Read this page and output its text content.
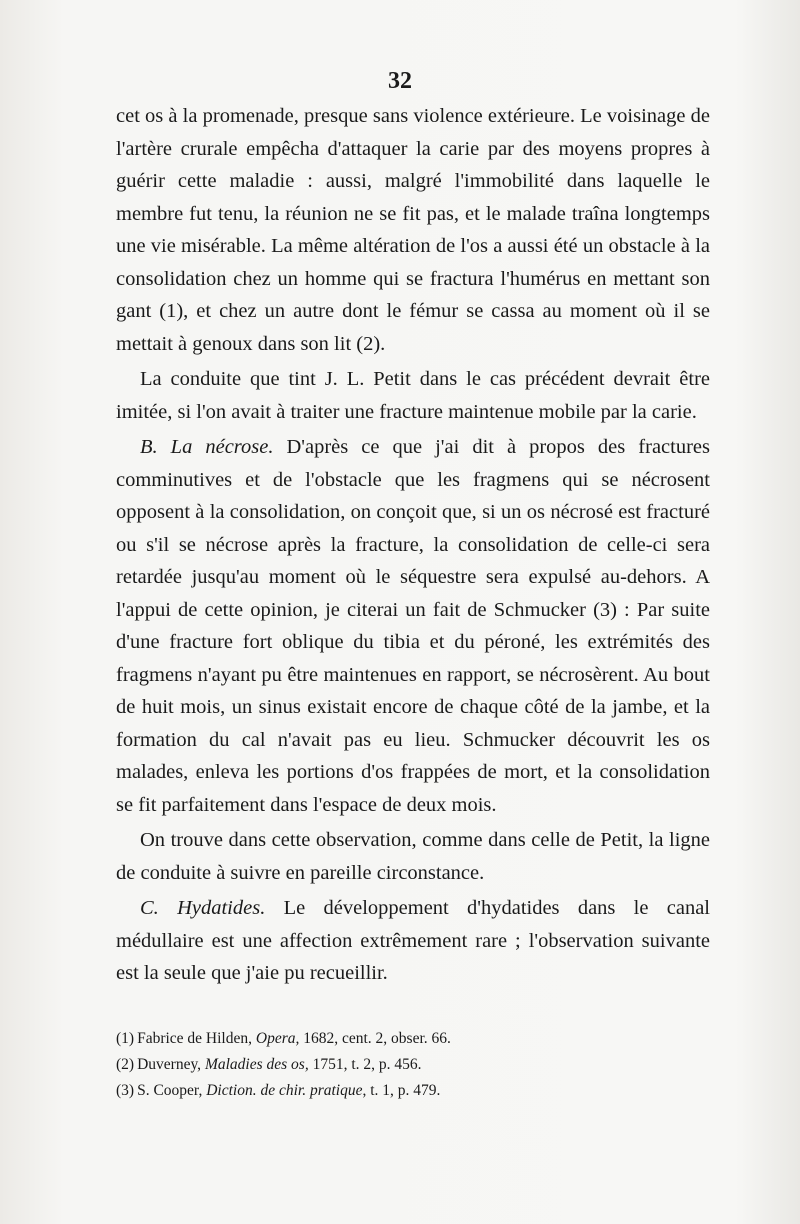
32

cet os à la promenade, presque sans violence extérieure. Le voisinage de l'artère crurale empêcha d'attaquer la carie par des moyens propres à guérir cette maladie : aussi, malgré l'immobilité dans laquelle le membre fut tenu, la réunion ne se fit pas, et le malade traîna longtemps une vie misérable. La même altération de l'os a aussi été un obstacle à la consolidation chez un homme qui se fractura l'humérus en mettant son gant (1), et chez un autre dont le fémur se cassa au moment où il se mettait à genoux dans son lit (2).

La conduite que tint J. L. Petit dans le cas précédent devrait être imitée, si l'on avait à traiter une fracture maintenue mobile par la carie.

B. La nécrose. D'après ce que j'ai dit à propos des fractures comminutives et de l'obstacle que les fragmens qui se nécrosent opposent à la consolidation, on conçoit que, si un os nécrosé est fracturé ou s'il se nécrose après la fracture, la consolidation de celle-ci sera retardée jusqu'au moment où le séquestre sera expulsé au-dehors. A l'appui de cette opinion, je citerai un fait de Schmucker (3) : Par suite d'une fracture fort oblique du tibia et du péroné, les extrémités des fragmens n'ayant pu être maintenues en rapport, se nécrosèrent. Au bout de huit mois, un sinus existait encore de chaque côté de la jambe, et la formation du cal n'avait pas eu lieu. Schmucker découvrit les os malades, enleva les portions d'os frappées de mort, et la consolidation se fit parfaitement dans l'espace de deux mois.

On trouve dans cette observation, comme dans celle de Petit, la ligne de conduite à suivre en pareille circonstance.

C. Hydatides. Le développement d'hydatides dans le canal médullaire est une affection extrêmement rare ; l'observation suivante est la seule que j'aie pu recueillir.

(1) Fabrice de Hilden, Opera, 1682, cent. 2, obser. 66.

(2) Duverney, Maladies des os, 1751, t. 2, p. 456.

(3) S. Cooper, Diction. de chir. pratique, t. 1, p. 479.
